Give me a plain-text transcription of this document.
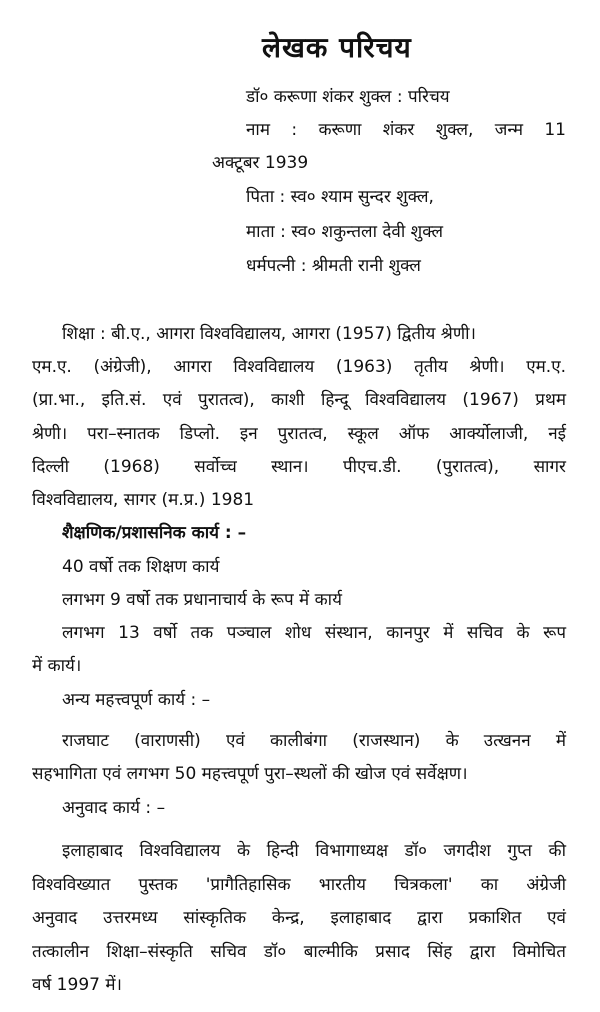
लेखक परिचय
डॉ० करूणा शंकर शुक्ल : परिचय
नाम : करूणा शंकर शुक्ल, जन्म 11
अक्टूबर 1939
पिता : स्व० श्याम सुन्दर शुक्ल,
माता : स्व० शकुन्तला देवी शुक्ल
धर्मपत्नी : श्रीमती रानी शुक्ल
शिक्षा : बी.ए., आगरा विश्वविद्यालय, आगरा (1957) द्वितीय श्रेणी।
एम.ए. (अंग्रेजी), आगरा विश्वविद्यालय (1963) तृतीय श्रेणी। एम.ए.
(प्रा.भा., इति.सं. एवं पुरातत्व), काशी हिन्दू विश्वविद्यालय (1967) प्रथम
श्रेणी। परा–स्नातक डिप्लो. इन पुरातत्व, स्कूल ऑफ आर्क्योलाजी, नई
दिल्ली (1968) सर्वोच्च स्थान। पीएच.डी. (पुरातत्व), सागर
विश्वविद्यालय, सागर (म.प्र.) 1981
शैक्षणिक/प्रशासनिक कार्य : –
40 वर्षो तक शिक्षण कार्य
लगभग 9 वर्षो तक प्रधानाचार्य के रूप में कार्य
लगभग 13 वर्षो तक पञ्चाल शोध संस्थान, कानपुर में सचिव के रूप
में कार्य।
अन्य महत्त्वपूर्ण कार्य : –
राजघाट (वाराणसी) एवं कालीबंगा (राजस्थान) के उत्खनन में
सहभागिता एवं लगभग 50 महत्त्वपूर्ण पुरा–स्थलों की खोज एवं सर्वेक्षण।
अनुवाद कार्य : –
इलाहाबाद विश्वविद्यालय के हिन्दी विभागाध्यक्ष डॉ० जगदीश गुप्त की
विश्वविख्यात पुस्तक 'प्रागैतिहासिक भारतीय चित्रकला' का अंग्रेजी
अनुवाद उत्तरमध्य सांस्कृतिक केन्द्र, इलाहाबाद द्वारा प्रकाशित एवं
तत्कालीन शिक्षा–संस्कृति सचिव डॉ० बाल्मीकि प्रसाद सिंह द्वारा विमोचित
वर्ष 1997 में।
